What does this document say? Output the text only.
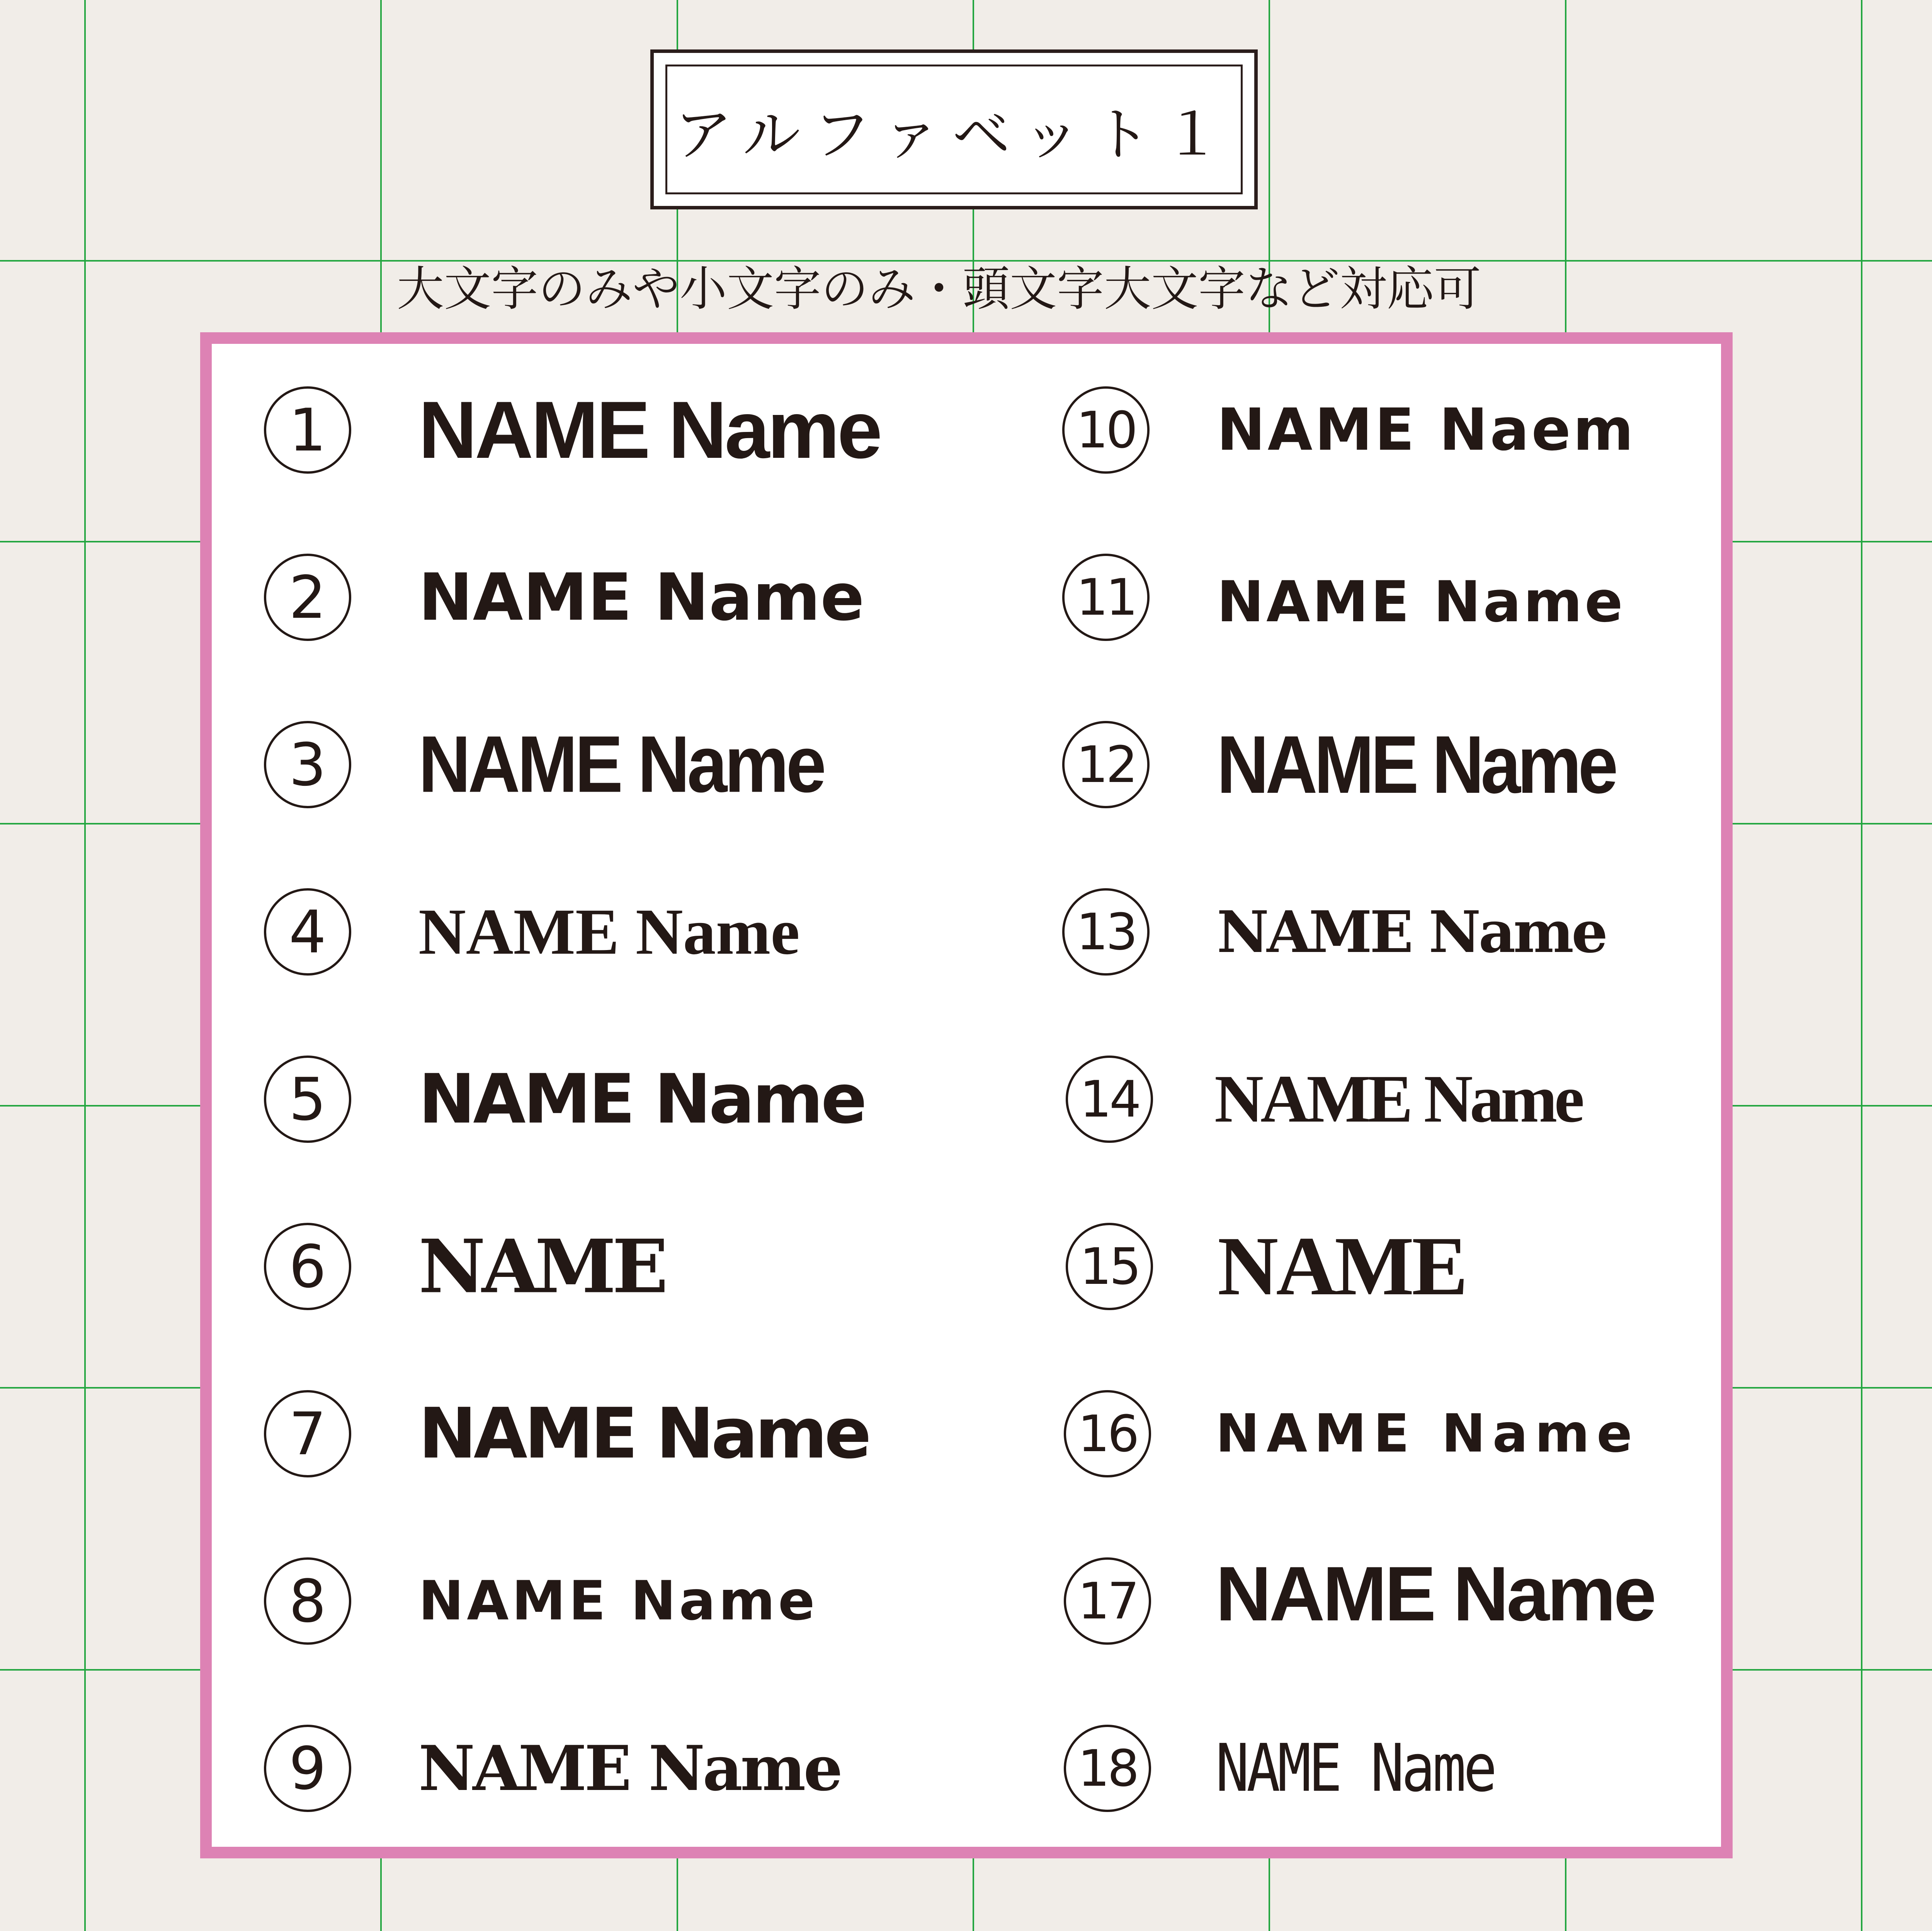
アルファベット１
大文字のみや小文字のみ・頭文字大文字など対応可
1	NAME Name
2	NAME Name
3	NAME Name
4	NAME Name
5	NAME Name
6	NAME
7	NAME Name
8	NAME Name
9	NAME Name
10 NAME Naem
11 NAME Name
12 NAME Name
13 NAME Name
14 NAME Name
15 NAME
16 NAME Name
17 NAME Name
18 NAME Name
